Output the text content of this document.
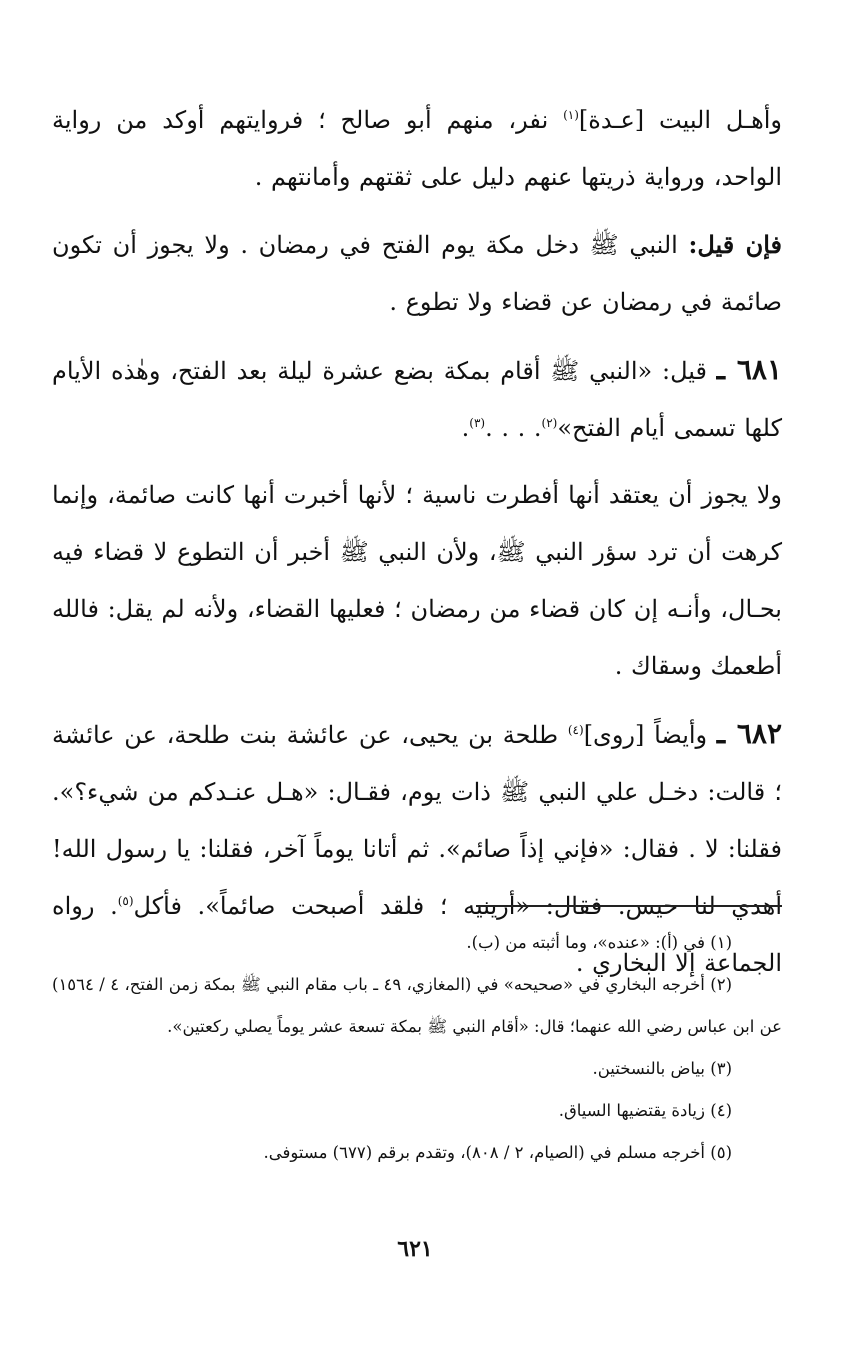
وأهـل البيت [عـدة]$^{(١)}$ نفر، منهم أبو صالح ؛ فروايتهم أوكد من رواية الواحد، ورواية ذريتها عنهم دليل على ثقتهم وأمانتهم .

فإن قيل: النبي ﷺ دخل مكة يوم الفتح في رمضان . ولا يجوز أن تكون صائمة في رمضان عن قضاء ولا تطوع .

٦٨١ ـ قيل: «النبي ﷺ أقام بمكة بضع عشرة ليلة بعد الفتح، وهٰذه الأيام كلها تسمى أيام الفتح»$^{(٢)}$. . . .$^{(٣)}$.

ولا يجوز أن يعتقد أنها أفطرت ناسية ؛ لأنها أخبرت أنها كانت صائمة، وإنما كرهت أن ترد سؤر النبي ﷺ، ولأن النبي ﷺ أخبر أن التطوع لا قضاء فيه بحـال، وأنـه إن كان قضاء من رمضان ؛ فعليها القضاء، ولأنه لم يقل: فالله أطعمك وسقاك .

٦٨٢ ـ وأيضاً [روى]$^{(٤)}$ طلحة بن يحيى، عن عائشة بنت طلحة، عن عائشة ؛ قالت: دخـل علي النبي ﷺ ذات يوم، فقـال: «هـل عنـدكم من شيء؟». فقلنا: لا . فقال: «فإني إذاً صائم». ثم أتانا يوماً آخر، فقلنا: يا رسول الله! أهدي لنا حيس. فقال: «أرينيه ؛ فلقد أصبحت صائماً». فأكل$^{(٥)}$. رواه الجماعة إلا البخاري .

(١) في (أ): «عنده»، وما أثبته من (ب).

(٢) أخرجه البخاري في «صحيحه» في (المغازي، ٤٩ ـ باب مقام النبي ﷺ بمكة زمن الفتح، ٤ / ١٥٦٤) عن ابن عباس رضي الله عنهما؛ قال: «أقام النبي ﷺ بمكة تسعة عشر يوماً يصلي ركعتين».

(٣) بياض بالنسختين.

(٤) زيادة يقتضيها السياق.

(٥) أخرجه مسلم في (الصيام، ٢ / ٨٠٨)، وتقدم برقم (٦٧٧) مستوفى.

٦٢١
